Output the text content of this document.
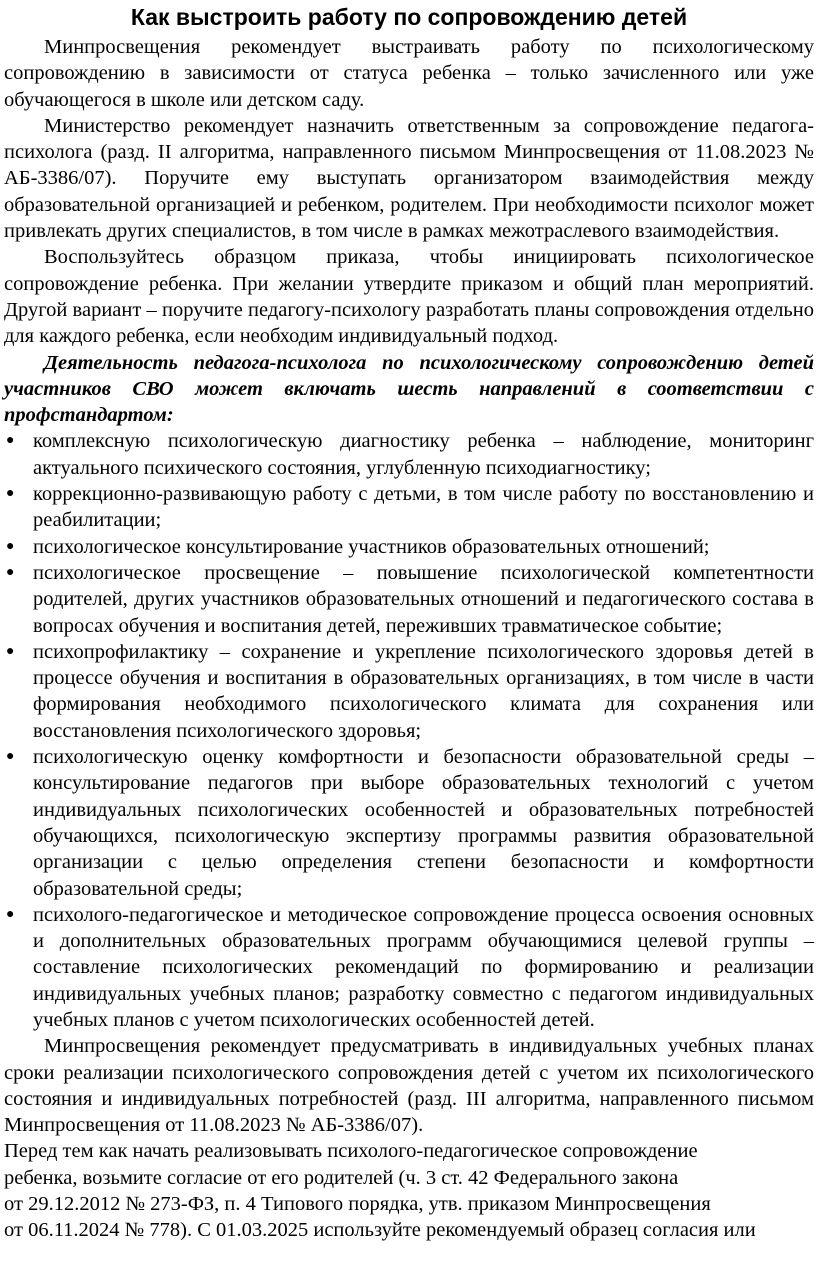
Как выстроить работу по сопровождению детей

Минпросвещения рекомендует выстраивать работу по психологическому сопровождению в зависимости от статуса ребенка – только зачисленного или уже обучающегося в школе или детском саду.

Министерство рекомендует назначить ответственным за сопровождение педагога-психолога (разд. II алгоритма, направленного письмом Минпросвещения от 11.08.2023 № АБ-3386/07). Поручите ему выступать организатором взаимодействия между образовательной организацией и ребенком, родителем. При необходимости психолог может привлекать других специалистов, в том числе в рамках межотраслевого взаимодействия.

Воспользуйтесь образцом приказа, чтобы инициировать психологическое сопровождение ребенка. При желании утвердите приказом и общий план мероприятий. Другой вариант – поручите педагогу-психологу разработать планы сопровождения отдельно для каждого ребенка, если необходим индивидуальный подход.

Деятельность педагога-психолога по психологическому сопровождению детей участников СВО может включать шесть направлений в соответствии с профстандартом:

● комплексную психологическую диагностику ребенка – наблюдение, мониторинг актуального психического состояния, углубленную психодиагностику;
● коррекционно-развивающую работу с детьми, в том числе работу по восстановлению и реабилитации;
● психологическое консультирование участников образовательных отношений;
● психологическое просвещение – повышение психологической компетентности родителей, других участников образовательных отношений и педагогического состава в вопросах обучения и воспитания детей, переживших травматическое событие;
● психопрофилактику – сохранение и укрепление психологического здоровья детей в процессе обучения и воспитания в образовательных организациях, в том числе в части формирования необходимого психологического климата для сохранения или восстановления психологического здоровья;
● психологическую оценку комфортности и безопасности образовательной среды – консультирование педагогов при выборе образовательных технологий с учетом индивидуальных психологических особенностей и образовательных потребностей обучающихся, психологическую экспертизу программы развития образовательной организации с целью определения степени безопасности и комфортности образовательной среды;
● психолого-педагогическое и методическое сопровождение процесса освоения основных и дополнительных образовательных программ обучающимися целевой группы – составление психологических рекомендаций по формированию и реализации индивидуальных учебных планов; разработку совместно с педагогом индивидуальных учебных планов с учетом психологических особенностей детей.

Минпросвещения рекомендует предусматривать в индивидуальных учебных планах сроки реализации психологического сопровождения детей с учетом их психологического состояния и индивидуальных потребностей (разд. III алгоритма, направленного письмом Минпросвещения от 11.08.2023 № АБ-3386/07).

Перед тем как начать реализовывать психолого-педагогическое сопровождение

ребенка, возьмите согласие от его родителей (ч. 3 ст. 42 Федерального закона

от 29.12.2012 № 273-ФЗ, п. 4 Типового порядка, утв. приказом Минпросвещения

от 06.11.2024 № 778). С 01.03.2025 используйте рекомендуемый образец согласия или
